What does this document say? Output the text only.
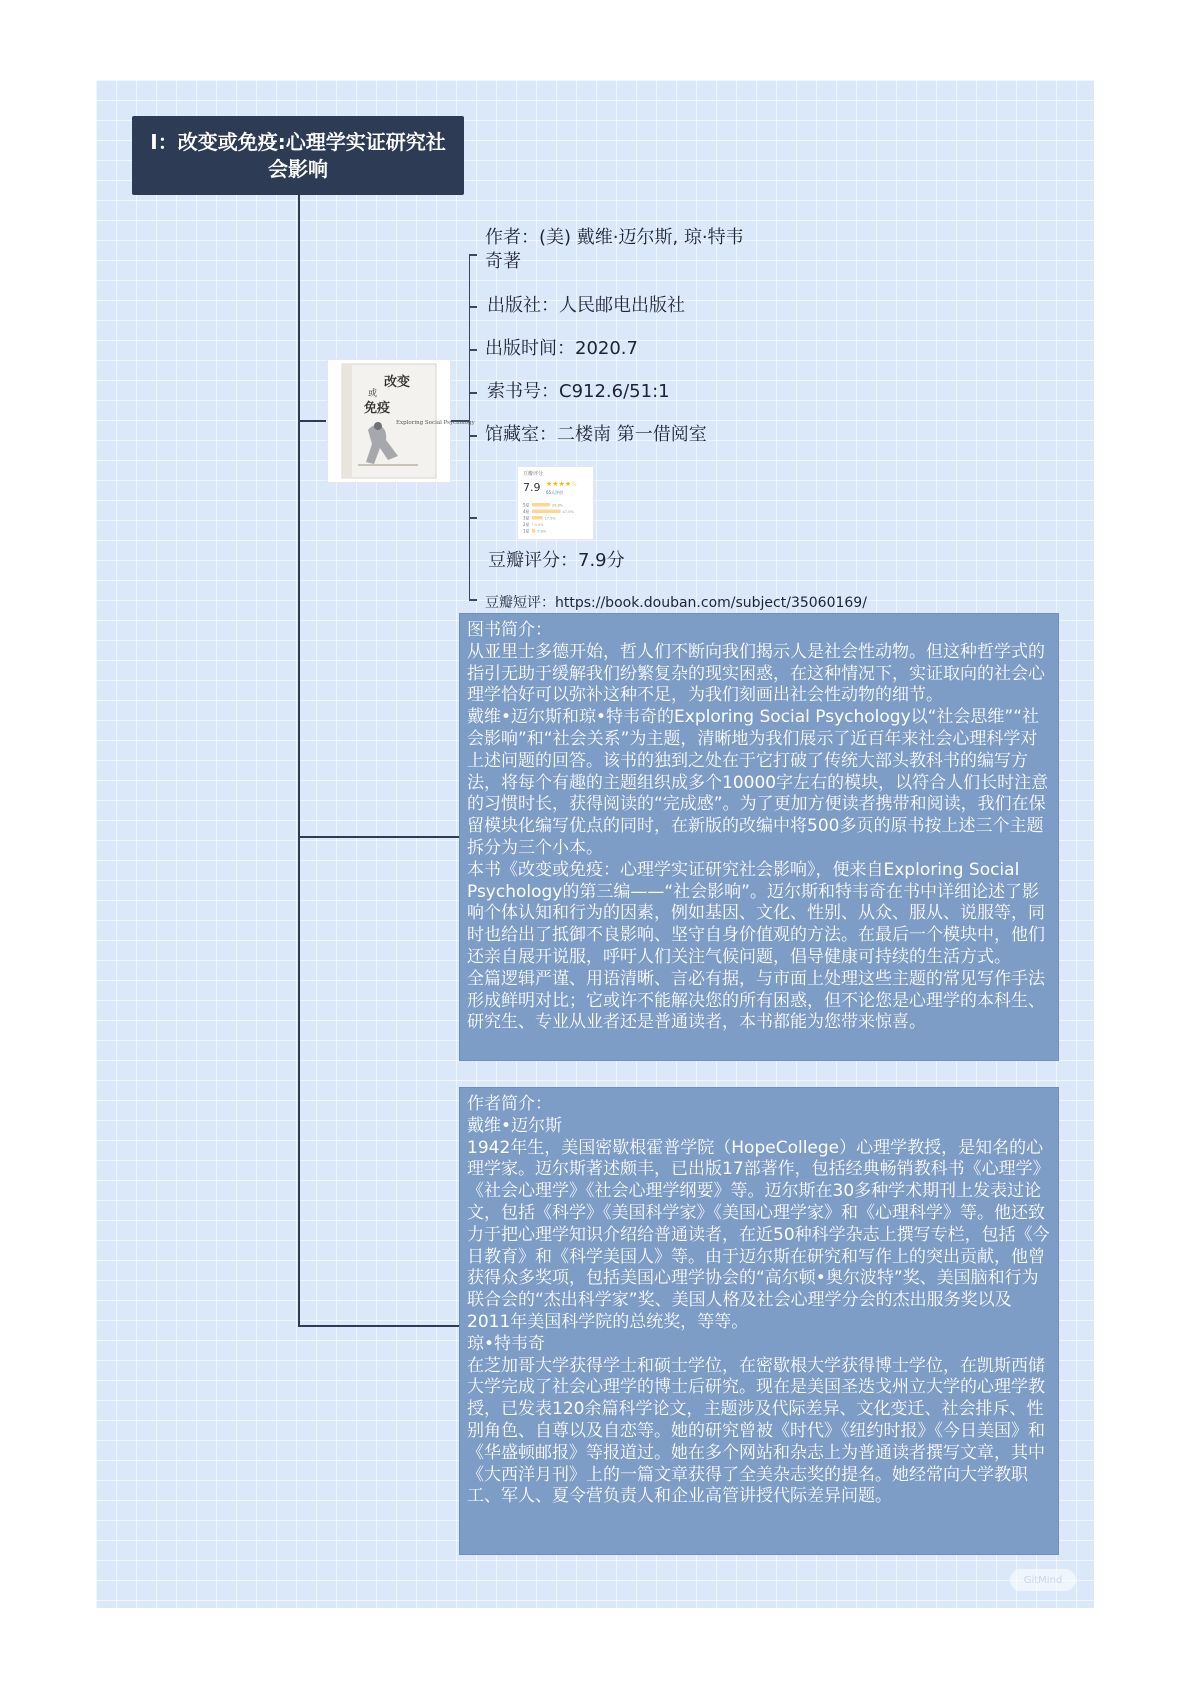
Ⅰ：改变或免疫:心理学实证研究社会影响
作者：(美) 戴维·迈尔斯, 琼·特韦奇著
出版社：人民邮电出版社
出版时间：2020.7
索书号：C912.6/51:1
馆藏室：二楼南 第一借阅室
豆瓣评分：7.9分
豆瓣短评：https://book.douban.com/subject/35060169/
改变
或
免疫
Exploring Social Psychology
豆瓣评分
7.9 ★★★★☆
65人评价
5星	29.8%
4星	47.5%
3星	17.5%
2星 0.0%
1星 5.6%

图书简介：

从亚里士多德开始，哲人们不断向我们揭示人是社会性动物。但这种哲学式的指引无助于缓解我们纷繁复杂的现实困惑，在这种情况下，实证取向的社会心理学恰好可以弥补这种不足，为我们刻画出社会性动物的细节。

戴维•迈尔斯和琼•特韦奇的Exploring Social Psychology以“社会思维”“社会影响”和“社会关系”为主题，清晰地为我们展示了近百年来社会心理科学对上述问题的回答。该书的独到之处在于它打破了传统大部头教科书的编写方法，将每个有趣的主题组织成多个10000字左右的模块，以符合人们长时注意的习惯时长，获得阅读的“完成感”。为了更加方便读者携带和阅读，我们在保留模块化编写优点的同时，在新版的改编中将500多页的原书按上述三个主题拆分为三个小本。

本书《改变或免疫：心理学实证研究社会影响》，便来自Exploring Social Psychology的第三编——“社会影响”。迈尔斯和特韦奇在书中详细论述了影响个体认知和行为的因素，例如基因、文化、性别、从众、服从、说服等，同时也给出了抵御不良影响、坚守自身价值观的方法。在最后一个模块中，他们还亲自展开说服，呼吁人们关注气候问题，倡导健康可持续的生活方式。

全篇逻辑严谨、用语清晰、言必有据，与市面上处理这些主题的常见写作手法形成鲜明对比；它或许不能解决您的所有困惑，但不论您是心理学的本科生、研究生、专业从业者还是普通读者，本书都能为您带来惊喜。

作者简介：

戴维•迈尔斯

1942年生，美国密歇根霍普学院（HopeCollege）心理学教授，是知名的心理学家。迈尔斯著述颇丰，已出版17部著作，包括经典畅销教科书《心理学》《社会心理学》《社会心理学纲要》等。迈尔斯在30多种学术期刊上发表过论文，包括《科学》《美国科学家》《美国心理学家》和《心理科学》等。他还致力于把心理学知识介绍给普通读者，在近50种科学杂志上撰写专栏，包括《今日教育》和《科学美国人》等。由于迈尔斯在研究和写作上的突出贡献，他曾获得众多奖项，包括美国心理学协会的“高尔顿•奥尔波特”奖、美国脑和行为联合会的“杰出科学家”奖、美国人格及社会心理学分会的杰出服务奖以及2011年美国科学院的总统奖，等等。

琼•特韦奇

在芝加哥大学获得学士和硕士学位，在密歇根大学获得博士学位，在凯斯西储大学完成了社会心理学的博士后研究。现在是美国圣迭戈州立大学的心理学教授，已发表120余篇科学论文，主题涉及代际差异、文化变迁、社会排斥、性别角色、自尊以及自恋等。她的研究曾被《时代》《纽约时报》《今日美国》和《华盛顿邮报》等报道过。她在多个网站和杂志上为普通读者撰写文章，其中《大西洋月刊》上的一篇文章获得了全美杂志奖的提名。她经常向大学教职工、军人、夏令营负责人和企业高管讲授代际差异问题。

GitMind
